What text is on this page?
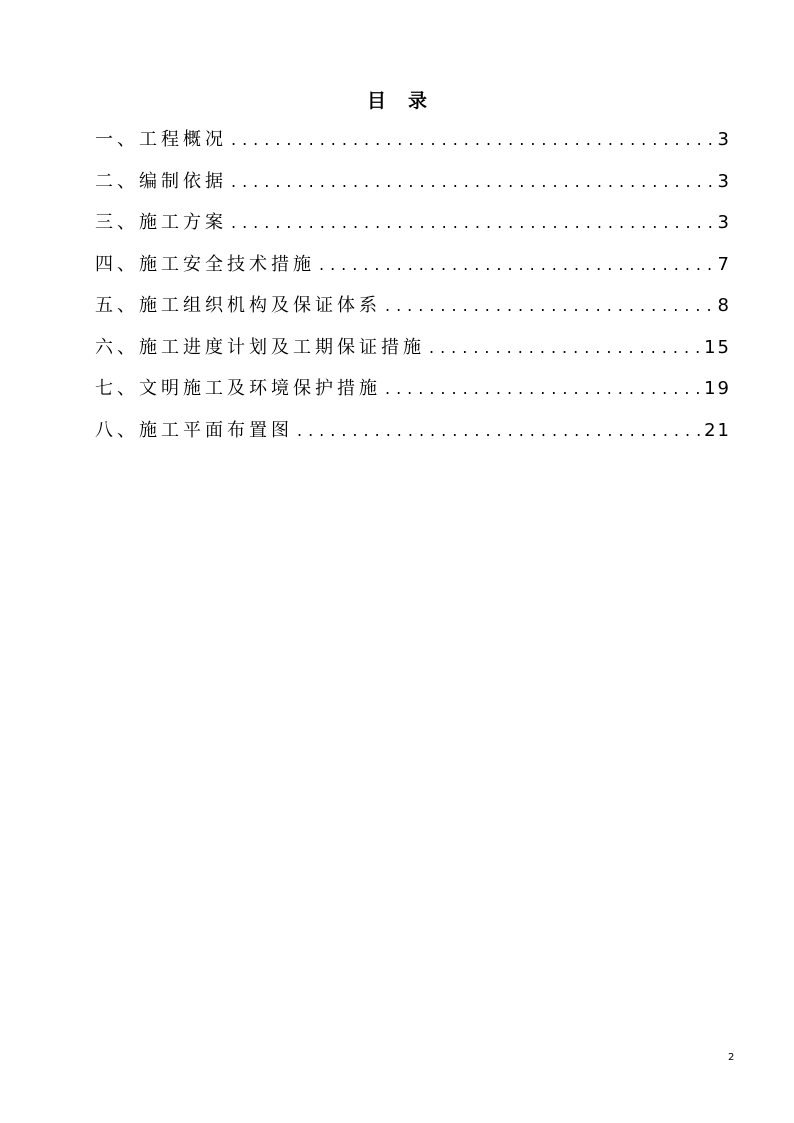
目 录
一、 工程概况 .....	3
二、 编制依据 .....	3
三、 施工方案 .....	3
四、 施工安全技术措施 .....	7
五、 施工组织机构及保证体系 .....	8
六、 施工进度计划及工期保证措施 .....	15
七、 文明施工及环境保护措施 .....	19
八、 施工平面布置图 .....	21
2
